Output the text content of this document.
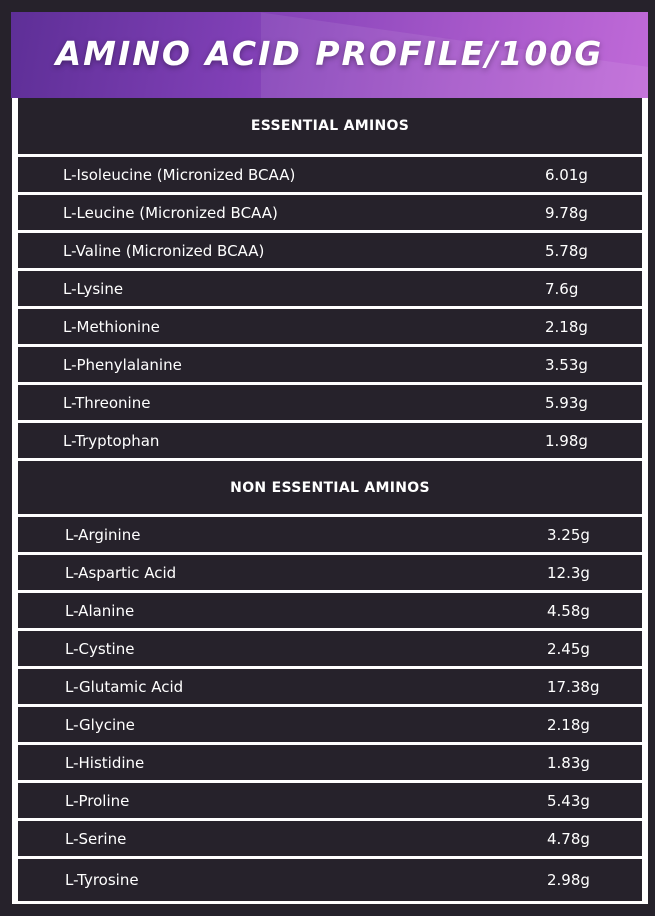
AMINO ACID PROFILE/100G
ESSENTIAL AMINOS
L-Isoleucine (Micronized BCAA)	6.01g
L-Leucine (Micronized BCAA)	9.78g
L-Valine (Micronized BCAA)	5.78g
L-Lysine	7.6g
L-Methionine	2.18g
L-Phenylalanine	3.53g
L-Threonine	5.93g
L-Tryptophan	1.98g
NON ESSENTIAL AMINOS
L-Arginine	3.25g
L-Aspartic Acid	12.3g
L-Alanine	4.58g
L-Cystine	2.45g
L-Glutamic Acid	17.38g
L-Glycine	2.18g
L-Histidine	1.83g
L-Proline	5.43g
L-Serine	4.78g
L-Tyrosine	2.98g
